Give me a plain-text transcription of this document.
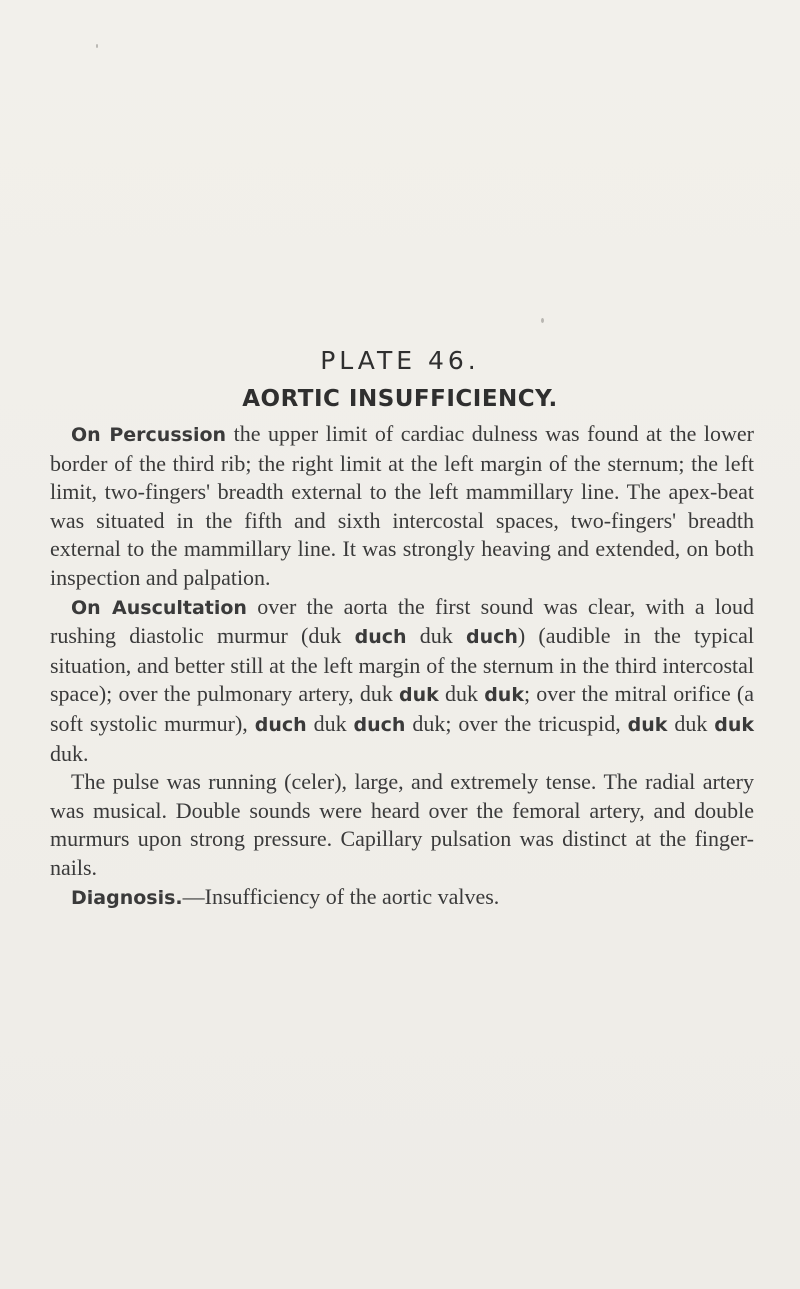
PLATE 46.
AORTIC INSUFFICIENCY.

On Percussion the upper limit of cardiac dulness was found at the lower border of the third rib; the right limit at the left margin of the sternum; the left limit, two-fingers' breadth external to the left mammillary line. The apex-beat was situated in the fifth and sixth intercostal spaces, two-fingers' breadth external to the mammillary line. It was strongly heaving and extended, on both inspection and palpation.

On Auscultation over the aorta the first sound was clear, with a loud rushing diastolic murmur (duk duch duk duch) (audible in the typical situation, and better still at the left margin of the sternum in the third intercostal space); over the pulmonary artery, duk duk duk duk; over the mitral orifice (a soft systolic murmur), duch duk duch duk; over the tricuspid, duk duk duk duk.

The pulse was running (celer), large, and extremely tense. The radial artery was musical. Double sounds were heard over the femoral artery, and double murmurs upon strong pressure. Capillary pulsation was distinct at the finger-nails.

Diagnosis.—Insufficiency of the aortic valves.
